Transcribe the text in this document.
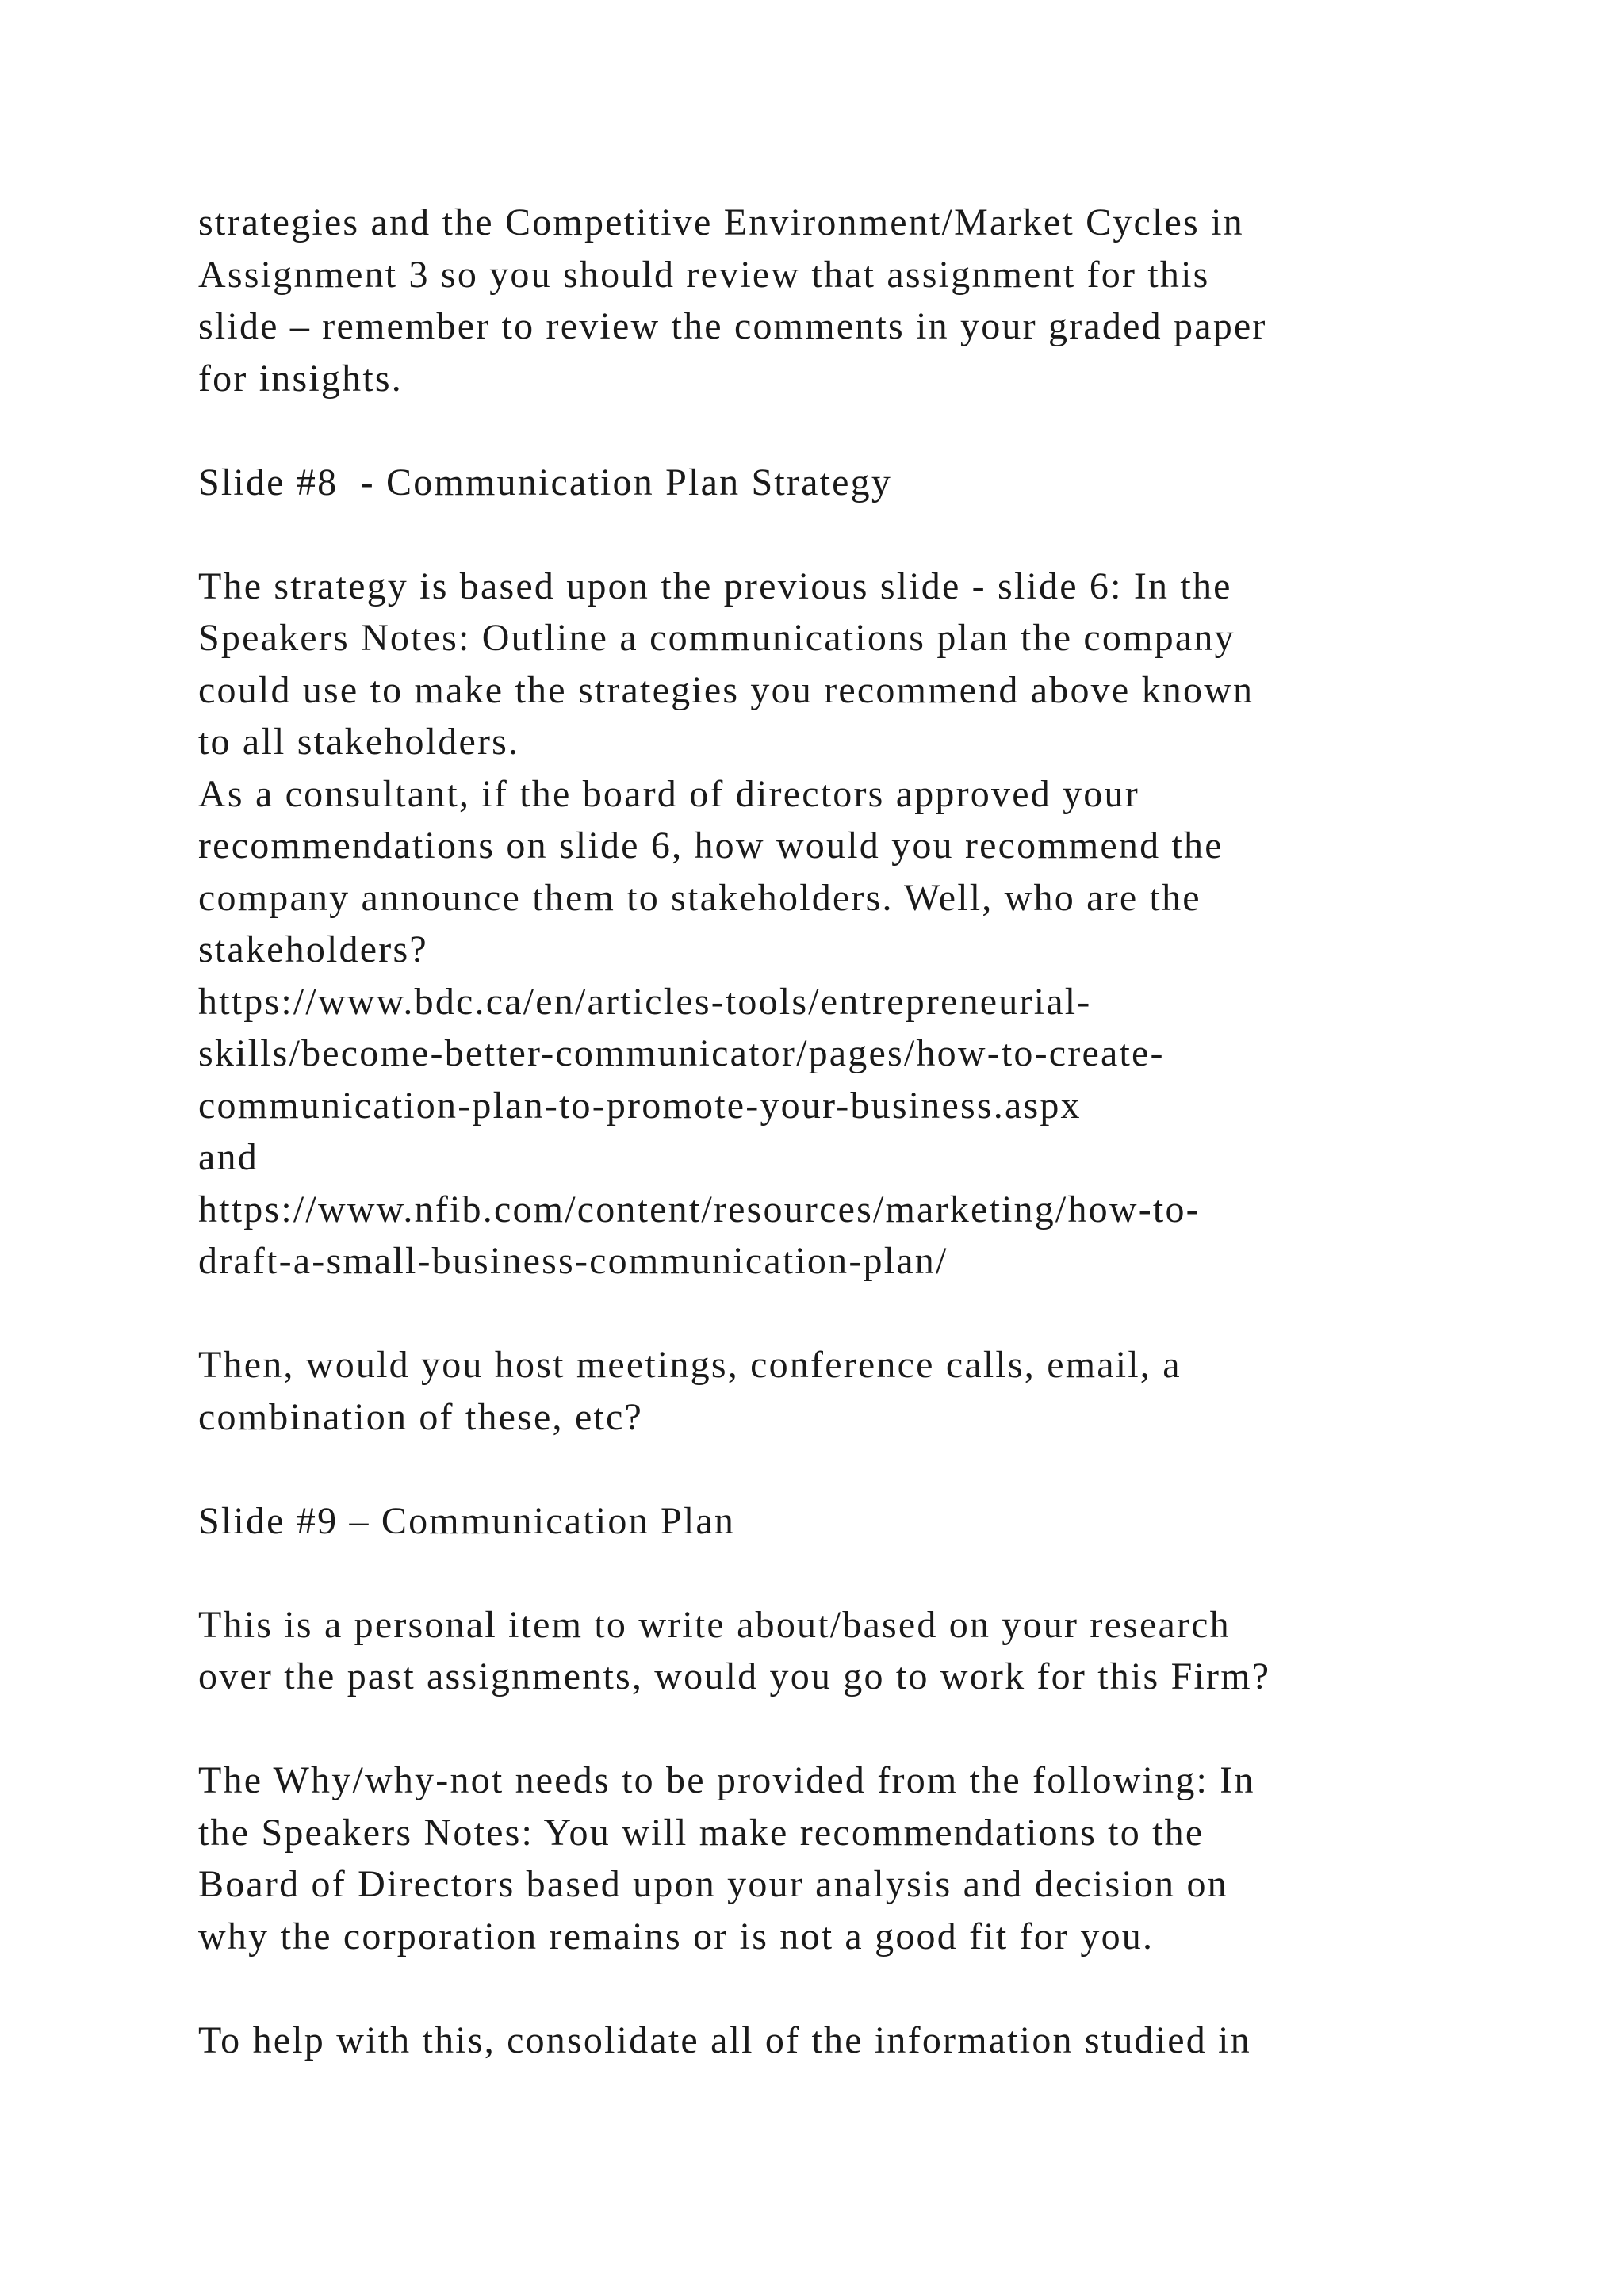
strategies and the Competitive Environment/Market Cycles in
Assignment 3 so you should review that assignment for this
slide – remember to review the comments in your graded paper
for insights.
Slide #8  - Communication Plan Strategy
The strategy is based upon the previous slide - slide 6: In the
Speakers Notes: Outline a communications plan the company
could use to make the strategies you recommend above known
to all stakeholders.
As a consultant, if the board of directors approved your
recommendations on slide 6, how would you recommend the
company announce them to stakeholders. Well, who are the
stakeholders?
https://www.bdc.ca/en/articles-tools/entrepreneurial-
skills/become-better-communicator/pages/how-to-create-
communication-plan-to-promote-your-business.aspx
and
https://www.nfib.com/content/resources/marketing/how-to-
draft-a-small-business-communication-plan/
Then, would you host meetings, conference calls, email, a
combination of these, etc?
Slide #9 – Communication Plan
This is a personal item to write about/based on your research
over the past assignments, would you go to work for this Firm?
The Why/why-not needs to be provided from the following: In
the Speakers Notes: You will make recommendations to the
Board of Directors based upon your analysis and decision on
why the corporation remains or is not a good fit for you.
To help with this, consolidate all of the information studied in
